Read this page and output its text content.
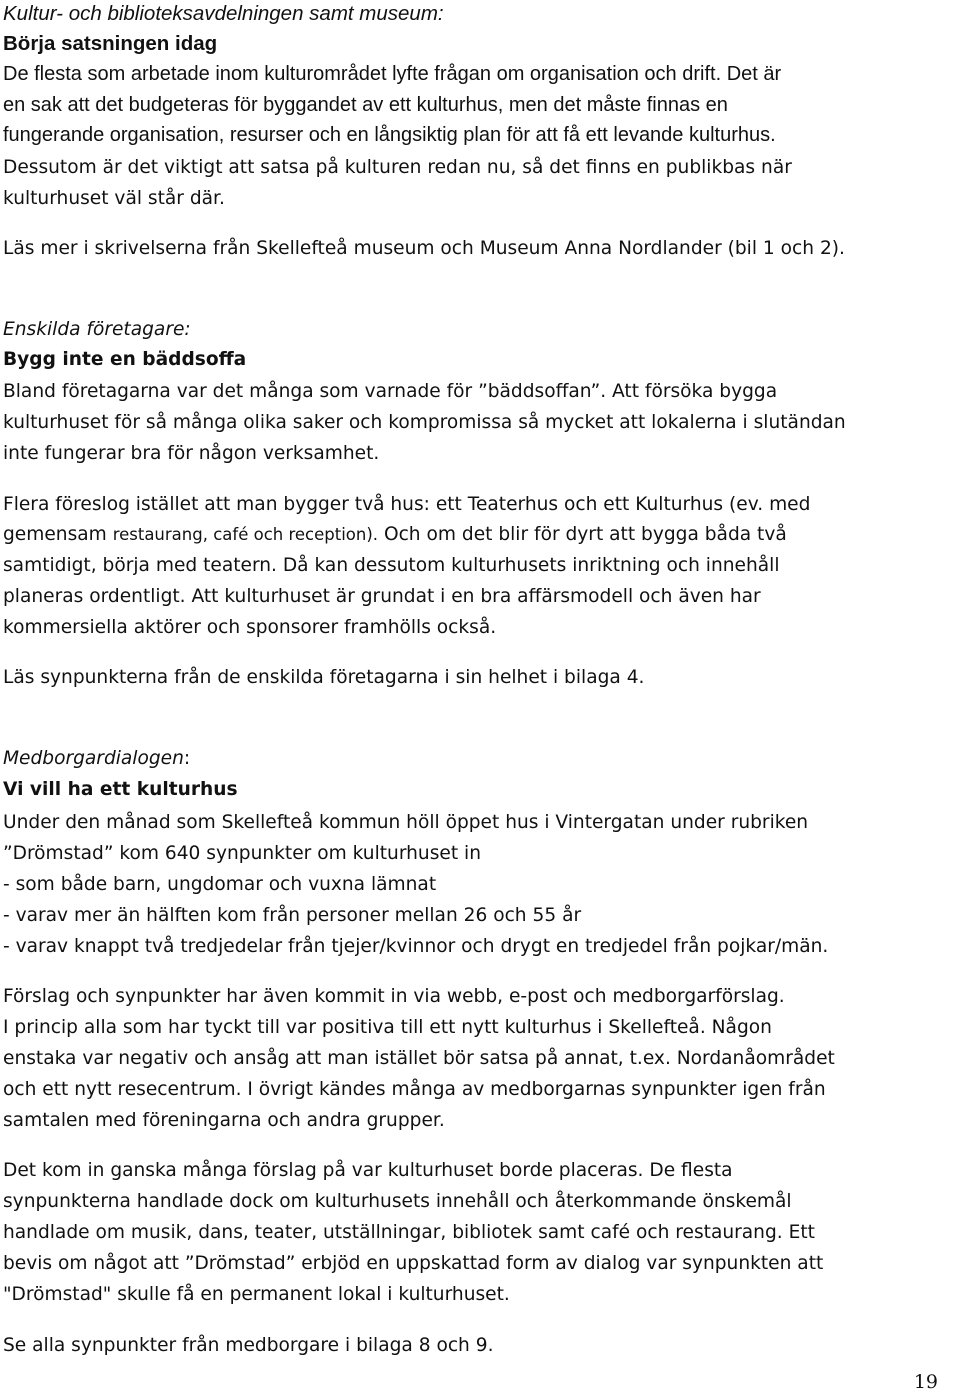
Kultur- och biblioteksavdelningen samt museum:
Börja satsningen idag
De flesta som arbetade inom kulturområdet lyfte frågan om organisation och drift. Det är
en sak att det budgeteras för byggandet av ett kulturhus, men det måste finnas en
fungerande organisation, resurser och en långsiktig plan för att få ett levande kulturhus.
Dessutom är det viktigt att satsa på kulturen redan nu, så det finns en publikbas när
kulturhuset väl står där.
Läs mer i skrivelserna från Skellefteå museum och Museum Anna Nordlander (bil 1 och 2).
Enskilda företagare:
Bygg inte en bäddsoffa
Bland företagarna var det många som varnade för ”bäddsoffan”. Att försöka bygga
kulturhuset för så många olika saker och kompromissa så mycket att lokalerna i slutändan
inte fungerar bra för någon verksamhet.
Flera föreslog istället att man bygger två hus: ett Teaterhus och ett Kulturhus (ev. med
gemensam restaurang, café och reception). Och om det blir för dyrt att bygga båda två
samtidigt, börja med teatern. Då kan dessutom kulturhusets inriktning och innehåll
planeras ordentligt. Att kulturhuset är grundat i en bra affärsmodell och även har
kommersiella aktörer och sponsorer framhölls också.
Läs synpunkterna från de enskilda företagarna i sin helhet i bilaga 4.
Medborgardialogen:
Vi vill ha ett kulturhus
Under den månad som Skellefteå kommun höll öppet hus i Vintergatan under rubriken
”Drömstad” kom 640 synpunkter om kulturhuset in
- som både barn, ungdomar och vuxna lämnat
- varav mer än hälften kom från personer mellan 26 och 55 år
- varav knappt två tredjedelar från tjejer/kvinnor och drygt en tredjedel från pojkar/män.
Förslag och synpunkter har även kommit in via webb, e-post och medborgarförslag.
I princip alla som har tyckt till var positiva till ett nytt kulturhus i Skellefteå. Någon
enstaka var negativ och ansåg att man istället bör satsa på annat, t.ex. Nordanåområdet
och ett nytt resecentrum. I övrigt kändes många av medborgarnas synpunkter igen från
samtalen med föreningarna och andra grupper.
Det kom in ganska många förslag på var kulturhuset borde placeras. De flesta
synpunkterna handlade dock om kulturhusets innehåll och återkommande önskemål
handlade om musik, dans, teater, utställningar, bibliotek samt café och restaurang. Ett
bevis om något att ”Drömstad” erbjöd en uppskattad form av dialog var synpunkten att
"Drömstad" skulle få en permanent lokal i kulturhuset.
Se alla synpunkter från medborgare i bilaga 8 och 9.
19
